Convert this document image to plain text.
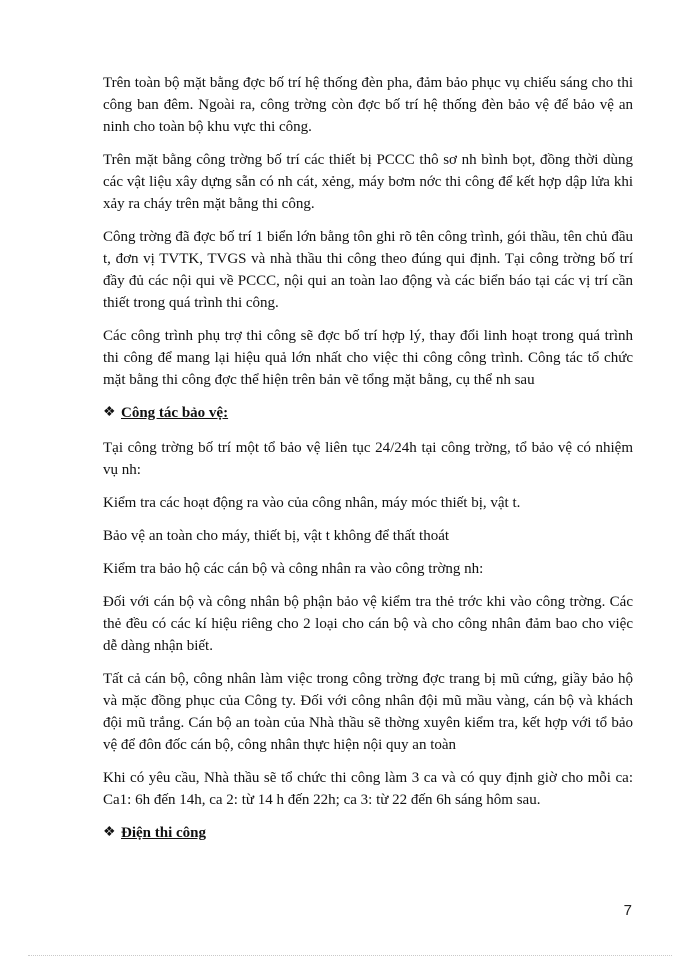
Trên toàn bộ mặt bằng đợc bố trí hệ thống đèn pha, đảm bảo phục vụ chiếu sáng cho thi công ban đêm. Ngoài ra, công trờng còn đợc bố trí hệ thống đèn bảo vệ để bảo vệ an ninh cho toàn bộ khu vực thi công.

Trên mặt bằng công trờng bố trí các thiết bị PCCC thô sơ nh bình bọt, đồng thời dùng các vật liệu xây dựng sẵn có nh cát, xẻng, máy bơm nớc thi công để kết hợp dập lửa khi xảy ra cháy trên mặt bằng thi công.

Công trờng đã đợc bố trí 1 biển lớn bằng tôn ghi rõ tên công trình, gói thầu, tên chủ đầu t, đơn vị TVTK, TVGS và nhà thầu thi công theo đúng qui định. Tại công trờng bố trí đầy đủ các nội qui về PCCC, nội qui an toàn lao động và các biển báo tại các vị trí cần thiết trong quá trình thi công.

Các công trình phụ trợ thi công sẽ đợc bố trí hợp lý, thay đổi linh hoạt trong quá trình thi công để mang lại hiệu quả lớn nhất cho việc thi công công trình. Công tác tổ chức mặt bằng thi công đợc thể hiện trên bản vẽ tổng mặt bằng, cụ thể nh sau

❖ Công tác bảo vệ:

Tại công trờng bố trí một tổ bảo vệ liên tục 24/24h tại công trờng, tổ bảo vệ có nhiệm vụ nh:

Kiểm tra các hoạt động ra vào của công nhân, máy móc thiết bị, vật t.

Bảo vệ an toàn cho máy, thiết bị, vật t không để thất thoát

Kiểm tra bảo hộ các cán bộ và công nhân ra vào công trờng nh:

Đối với cán bộ và công nhân bộ phận bảo vệ kiểm tra thẻ trớc khi vào công trờng. Các thẻ đều có các kí hiệu riêng cho 2 loại cho cán bộ và cho công nhân đảm bao cho việc dễ dàng nhận biết.

Tất cả cán bộ, công nhân làm việc trong công trờng đợc trang bị mũ cứng, giầy bảo hộ và mặc đồng phục của Công ty. Đối với công nhân đội mũ mầu vàng, cán bộ và khách đội mũ trắng. Cán bộ an toàn của Nhà thầu sẽ thờng xuyên kiểm tra, kết hợp với tổ bảo vệ để đôn đốc cán bộ, công nhân thực hiện nội quy an toàn

Khi có yêu cầu, Nhà thầu sẽ tổ chức thi công làm 3 ca và có quy định giờ cho mỗi ca: Ca1: 6h đến 14h, ca 2: từ 14 h đến 22h; ca 3: từ 22 đến 6h sáng hôm sau.

❖ Điện thi công
7
